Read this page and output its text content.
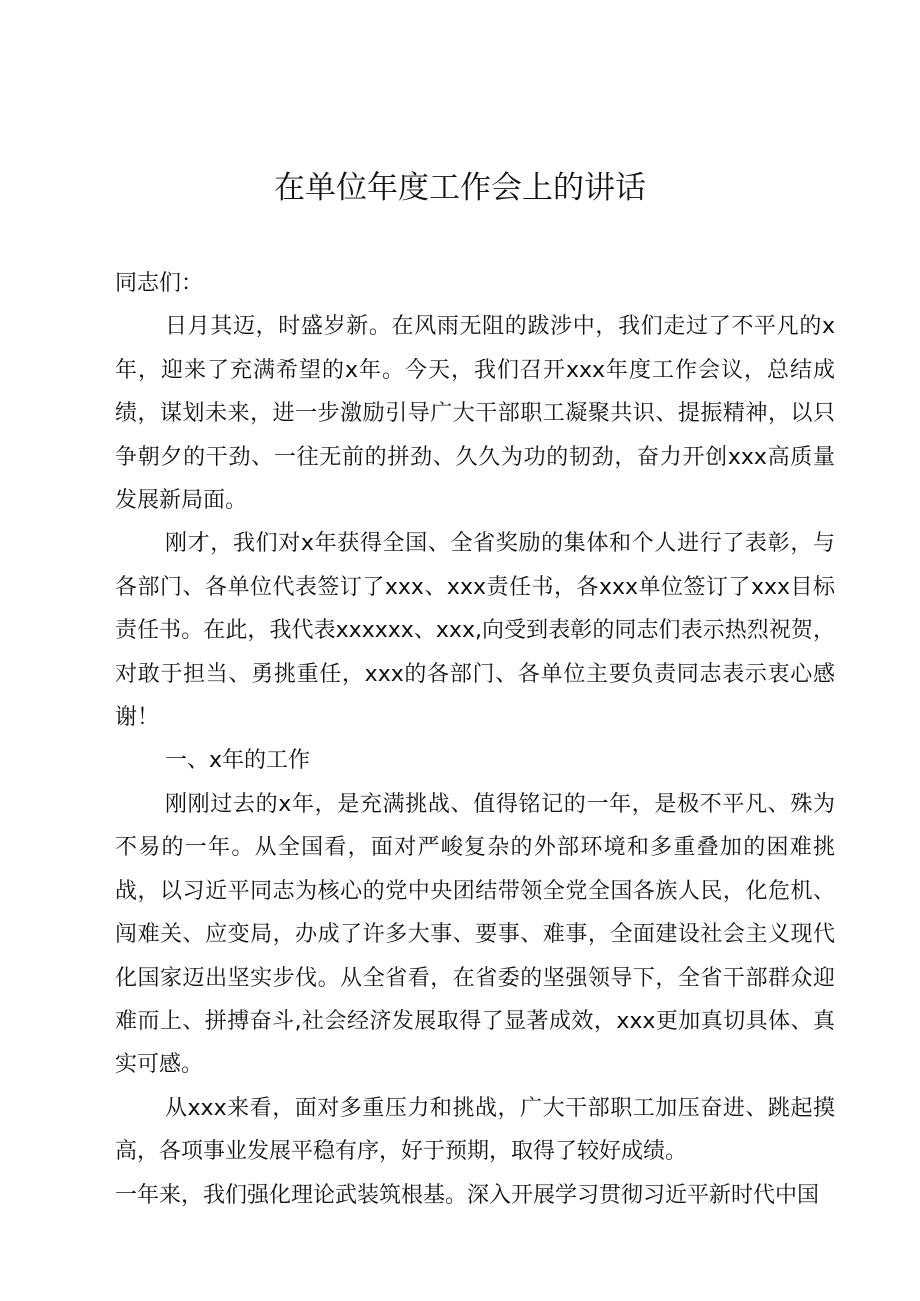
在单位年度工作会上的讲话

同志们：

日月其迈，时盛岁新。在风雨无阻的跋涉中，我们走过了不平凡的x年，迎来了充满希望的x年。今天，我们召开xxx年度工作会议，总结成绩，谋划未来，进一步激励引导广大干部职工凝聚共识、提振精神，以只争朝夕的干劲、一往无前的拼劲、久久为功的韧劲，奋力开创xxx高质量发展新局面。

刚才，我们对x年获得全国、全省奖励的集体和个人进行了表彰，与各部门、各单位代表签订了xxx、xxx责任书，各xxx单位签订了xxx目标责任书。在此，我代表xxxxxx、xxx,向受到表彰的同志们表示热烈祝贺，对敢于担当、勇挑重任，xxx的各部门、各单位主要负责同志表示衷心感谢！

一、x年的工作

刚刚过去的x年，是充满挑战、值得铭记的一年，是极不平凡、殊为不易的一年。从全国看，面对严峻复杂的外部环境和多重叠加的困难挑战，以习近平同志为核心的党中央团结带领全党全国各族人民，化危机、闯难关、应变局，办成了许多大事、要事、难事，全面建设社会主义现代化国家迈出坚实步伐。从全省看，在省委的坚强领导下，全省干部群众迎难而上、拼搏奋斗,社会经济发展取得了显著成效，xxx更加真切具体、真实可感。

从xxx来看，面对多重压力和挑战，广大干部职工加压奋进、跳起摸高，各项事业发展平稳有序，好于预期，取得了较好成绩。

一年来，我们强化理论武装筑根基。深入开展学习贯彻习近平新时代中国
